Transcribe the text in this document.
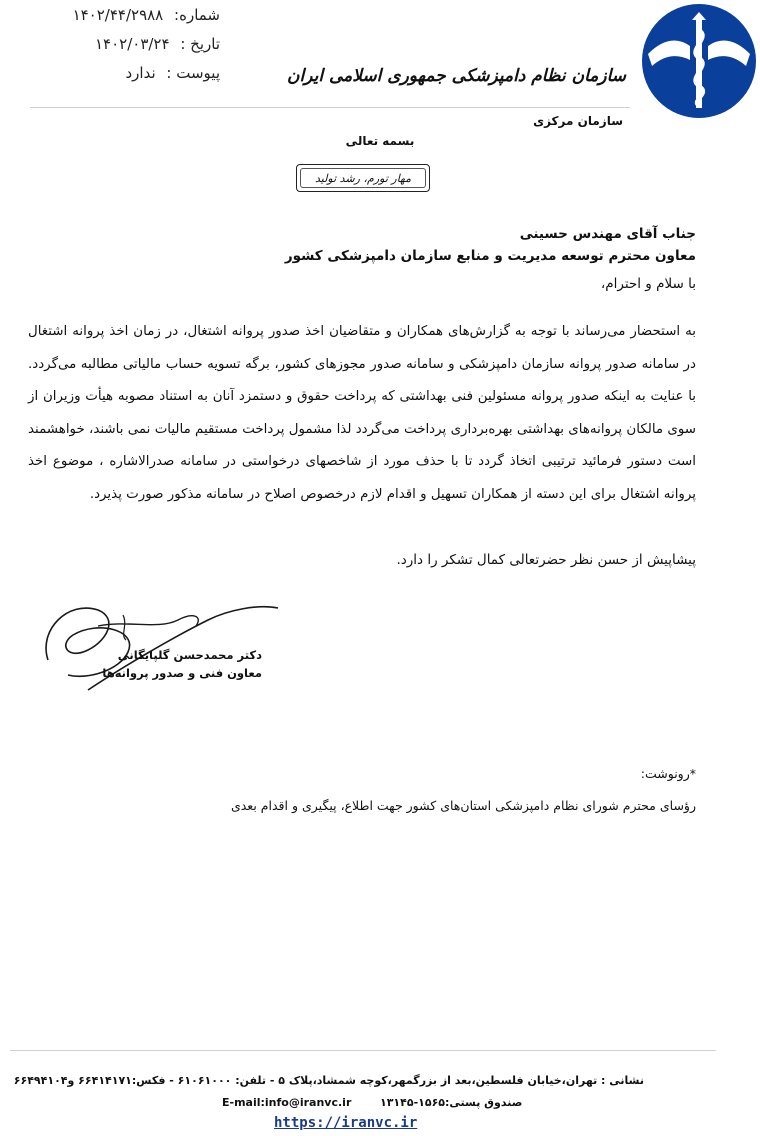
شماره: ۱۴۰۲/۴۴/۲۹۸۸
تاریخ : ۱۴۰۲/۰۳/۲۴
پیوست : ندارد	سازمان نظام دامپزشکی جمهوری اسلامی ایران
سازمان مرکزی
بسمه تعالی
مهار تورم، رشد تولید
جناب آقای مهندس حسینی
معاون محترم توسعه مدیریت و منابع سازمان دامپزشکی کشور
با سلام و احترام،
به استحضار می‌رساند با توجه به گزارش‌های همکاران و متقاضیان اخذ صدور پروانه اشتغال، در زمان اخذ پروانه اشتغال در سامانه صدور پروانه سازمان دامپزشکی و سامانه صدور مجوزهای کشور، برگه تسویه حساب مالیاتی مطالبه می‌گردد. با عنایت به اینکه صدور پروانه مسئولین فنی بهداشتی که پرداخت حقوق و دستمزد آنان به استناد مصوبه هیأت وزیران از سوی مالکان پروانه‌های بهداشتی بهره‌برداری پرداخت می‌گردد لذا مشمول پرداخت مستقیم مالیات نمی باشند، خواهشمند است دستور فرمائید ترتیبی اتخاذ گردد تا با حذف مورد از شاخصهای درخواستی در سامانه صدرالاشاره ، موضوع اخذ پروانه اشتغال برای این دسته از همکاران تسهیل و اقدام لازم درخصوص اصلاح در سامانه مذکور صورت پذیرد.
پیشاپیش از حسن نظر حضرتعالی کمال تشکر را دارد.
دکتر محمدحسن گلپایگانی
معاون فنی و صدور پروانه‌ها
*رونوشت:
رؤسای محترم شورای نظام دامپزشکی استان‌های کشور جهت اطلاع، پیگیری و اقدام بعدی
نشانی : تهران،خیابان فلسطین،بعد از بزرگمهر،کوچه شمشاد،پلاک ۵ - تلفن: ۶۱۰۶۱۰۰۰ - فکس:۶۶۴۱۴۱۷۱ و۶۶۴۹۴۱۰۴
E-mail:info@iranvc.ir	صندوق پستی:۱۵۶۵-۱۳۱۴۵
https://iranvc.ir
